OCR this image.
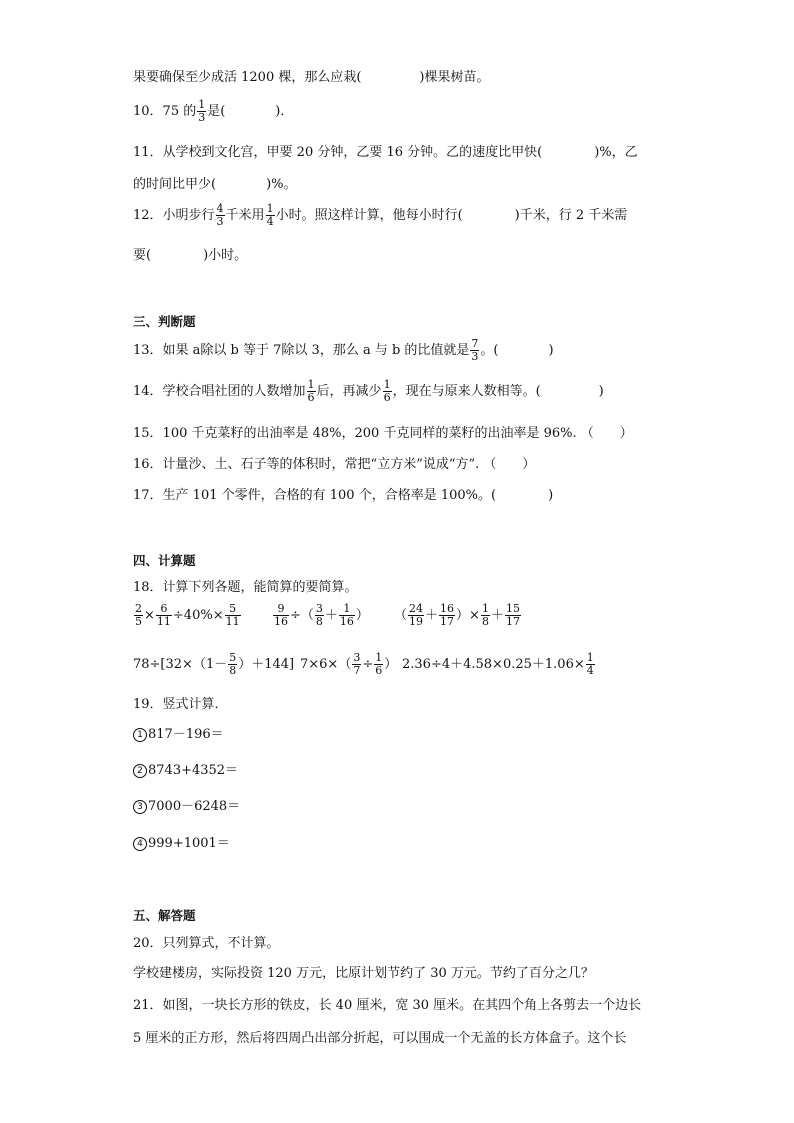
果要确保至少成活 1200 棵，那么应栽(	)棵果树苗。
10．75 的 $\frac{1}{3}$ 是(	)．
11．从学校到文化宫，甲要 20 分钟，乙要 16 分钟。乙的速度比甲快(	)%，乙
的时间比甲少(	)%。
12．小明步行 $\frac{4}{3}$ 千米用 $\frac{1}{4}$ 小时。照这样计算，他每小时行(	)千米，行 2 千米需
要(	)小时。
三、判断题
13．如果 a除以 b 等于 7除以 3，那么 a 与 b 的比值就是 $\frac{7}{3}$ 。(	)
14．学校合唱社团的人数增加 $\frac{1}{6}$ 后，再减少 $\frac{1}{6}$ ，现在与原来人数相等。(	)
15．100 千克菜籽的出油率是 48%，200 千克同样的菜籽的出油率是 96%. （　　）
16．计量沙、土、石子等的体积时，常把“立方米”说成“方”. （　　）
17．生产 101 个零件，合格的有 100 个，合格率是 100%。(	)
四、计算题
18．计算下列各题，能简算的要简算。
$\frac{2}{5} \times \frac{6}{11} \div 40\%\times \frac{5}{11}$	$\frac{9}{16}$ ÷（ $\frac{3}{8} + \frac{1}{16}$ ） （ $\frac{24}{19} + \frac{16}{17}$ ）× $\frac{1}{8} + \frac{15}{17}$
$78\div[32\times(1- \frac{5}{8} )+144]$ $7\times 6\times( \frac{3}{7} \div \frac{1}{6}$ ） $2.36\div 4+4.58\times 0.25+1.06\times \frac{1}{4}$
19．竖式计算．
1 817－196＝
2 8743+4352＝
3 7000－6248＝
4 999+1001＝
五、解答题
20．只列算式，不计算。
学校建楼房，实际投资 120 万元，比原计划节约了 30 万元。节约了百分之几？
21．如图，一块长方形的铁皮，长 40 厘米，宽 30 厘米。在其四个角上各剪去一个边长
5 厘米的正方形，然后将四周凸出部分折起，可以围成一个无盖的长方体盒子。这个长
